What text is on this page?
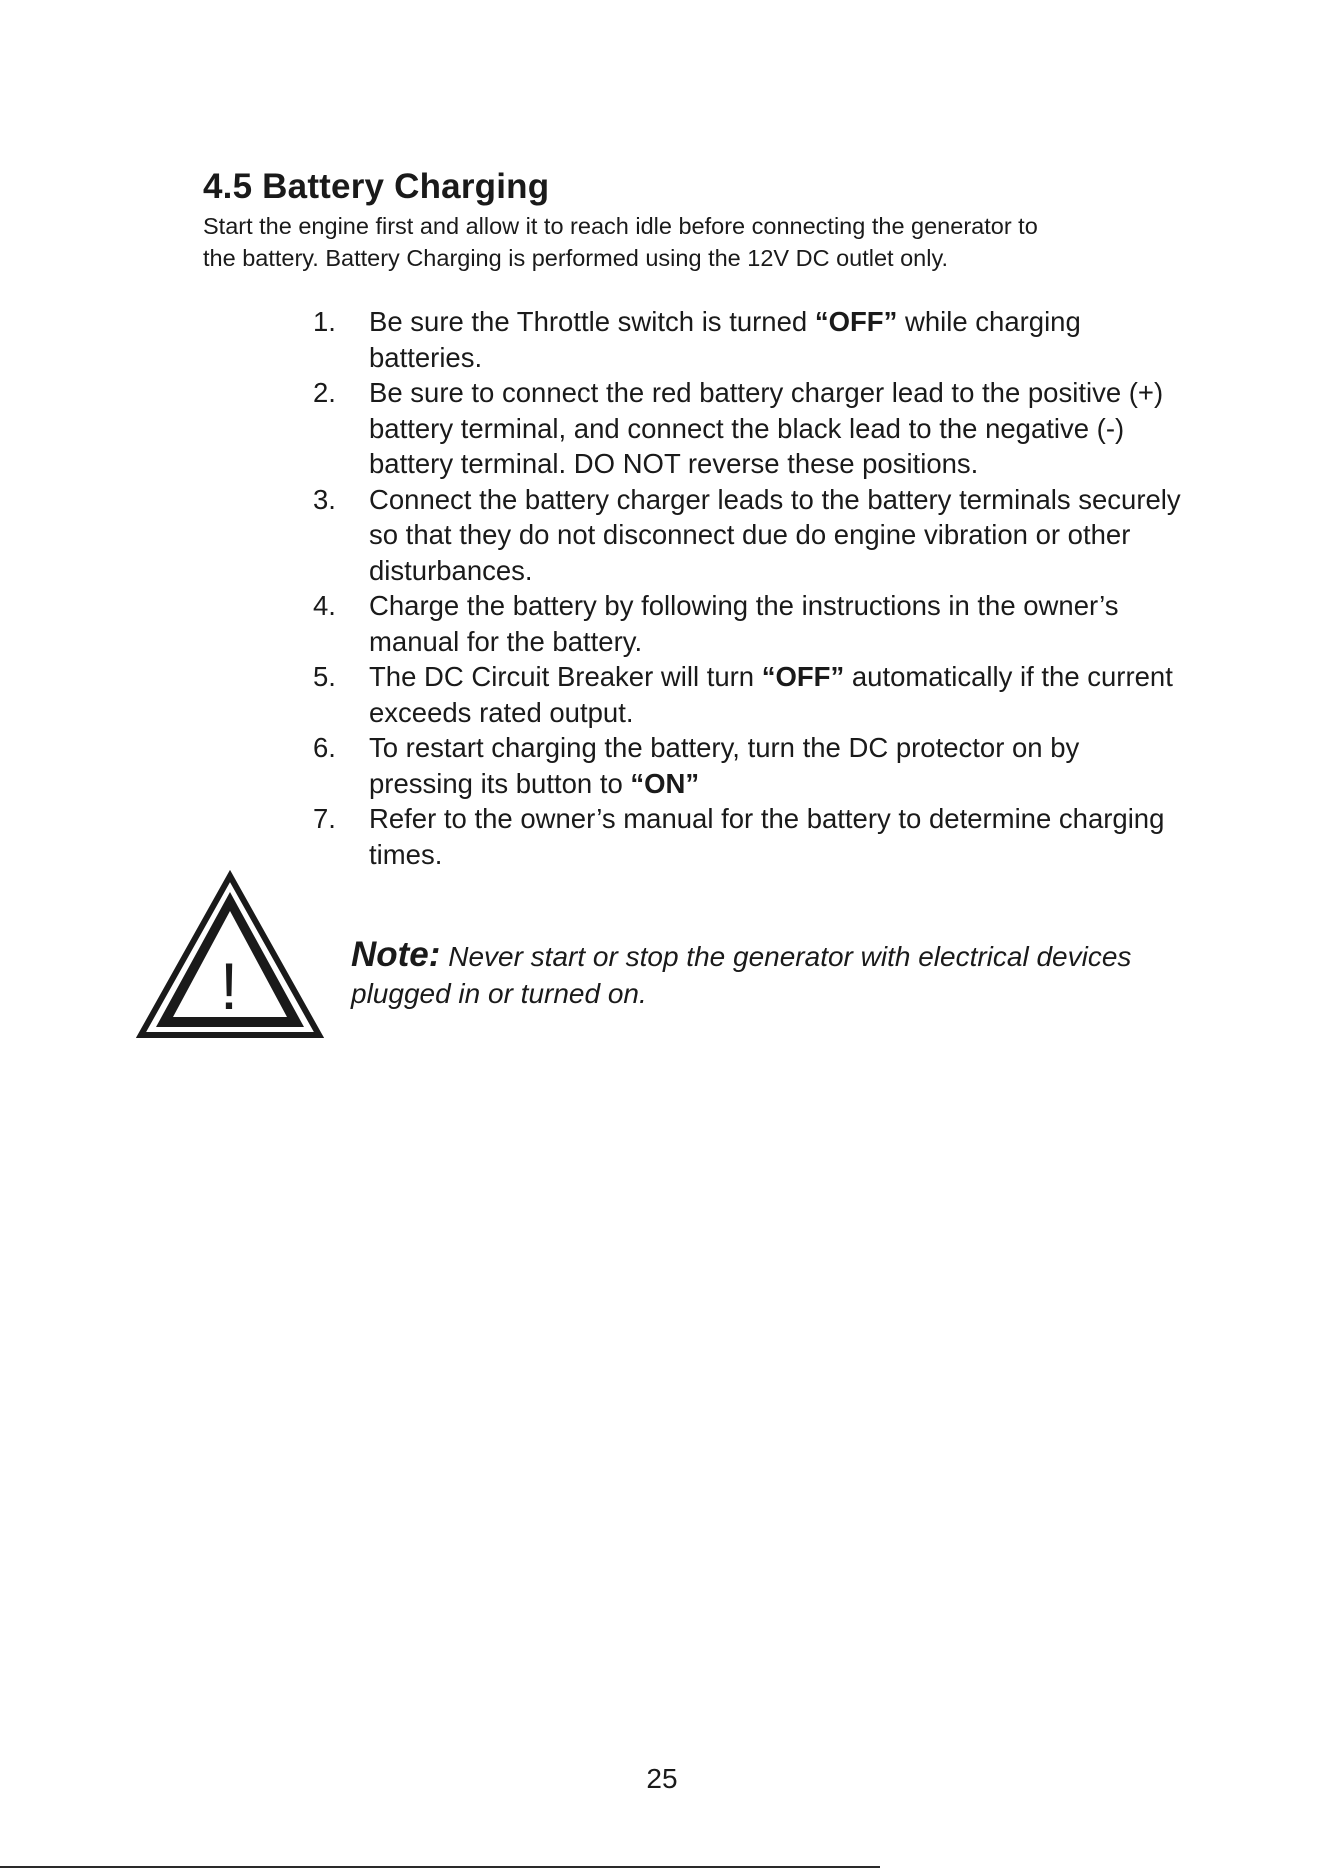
4.5 Battery Charging

Start the engine first and allow it to reach idle before connecting the generator to
the battery. Battery Charging is performed using the 12V DC outlet only.

1. Be sure the Throttle switch is turned “OFF” while charging batteries.
2. Be sure to connect the red battery charger lead to the positive (+) battery terminal, and connect the black lead to the negative (-) battery terminal. DO NOT reverse these positions.
3. Connect the battery charger leads to the battery terminals securely so that they do not disconnect due do engine vibration or other disturbances.
4. Charge the battery by following the instructions in the owner’s manual for the battery.
5. The DC Circuit Breaker will turn “OFF” automatically if the current exceeds rated output.
6. To restart charging the battery, turn the DC protector on by pressing its button to “ON”
7. Refer to the owner’s manual for the battery to determine charging times.
!	Note: Never start or stop the generator with electrical devices plugged in or turned on.

25
